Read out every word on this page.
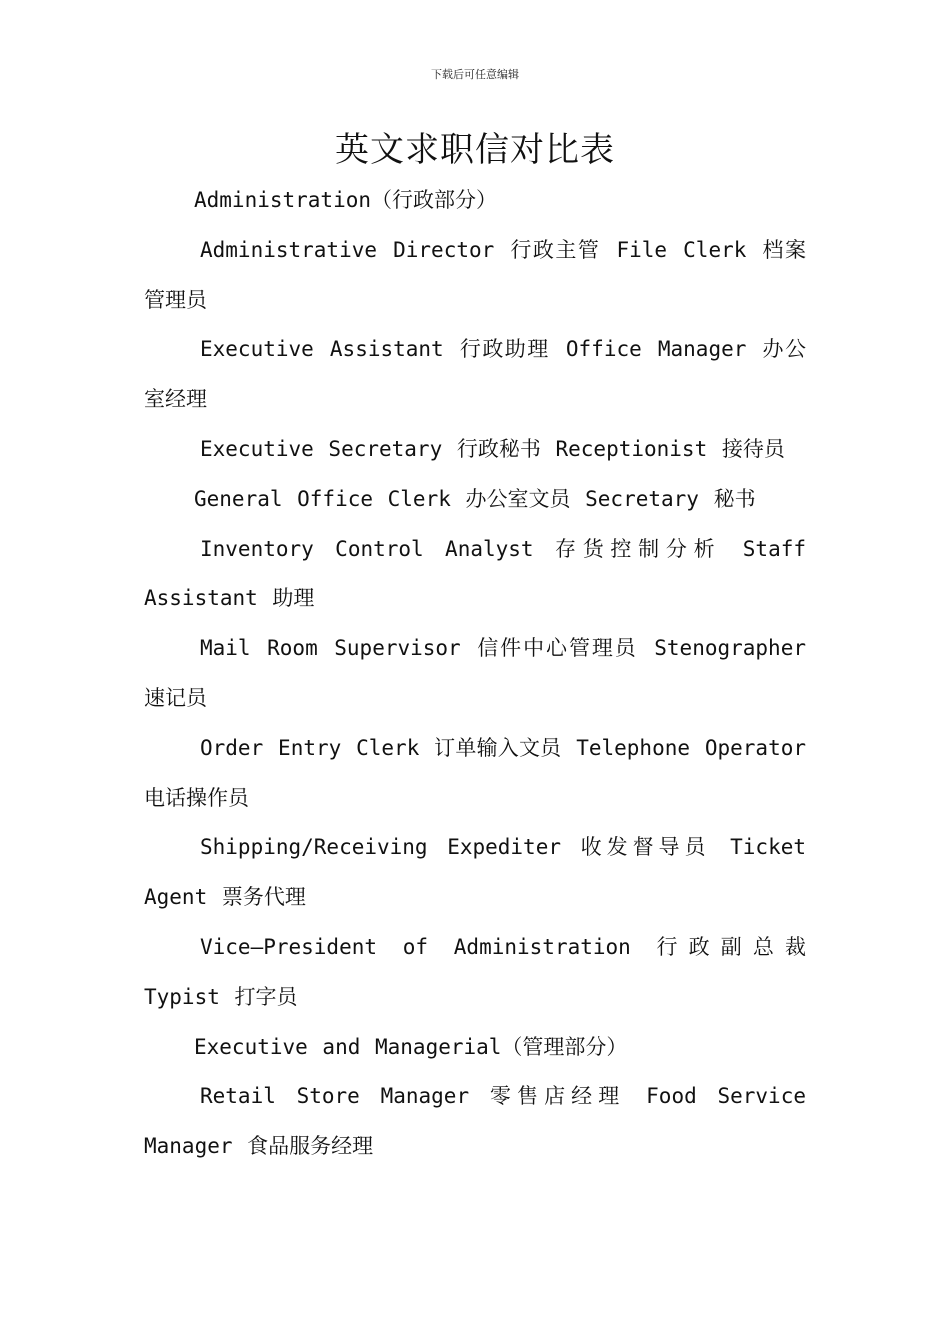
下载后可任意编辑
英文求职信对比表

Administration（行政部分）

Administrative Director 行政主管 File Clerk 档案管理员

Executive Assistant 行政助理 Office Manager 办公室经理

Executive Secretary 行政秘书 Receptionist 接待员

General Office Clerk 办公室文员 Secretary 秘书

Inventory Control Analyst 存货控制分析 Staff Assistant 助理

Mail Room Supervisor 信件中心管理员 Stenographer 速记员

Order Entry Clerk 订单输入文员 Telephone Operator 电话操作员

Shipping/Receiving Expediter 收发督导员 Ticket Agent 票务代理

Vice—President of Administration 行政副总裁 Typist 打字员

Executive and Managerial（管理部分）

Retail Store Manager 零售店经理 Food Service Manager 食品服务经理
